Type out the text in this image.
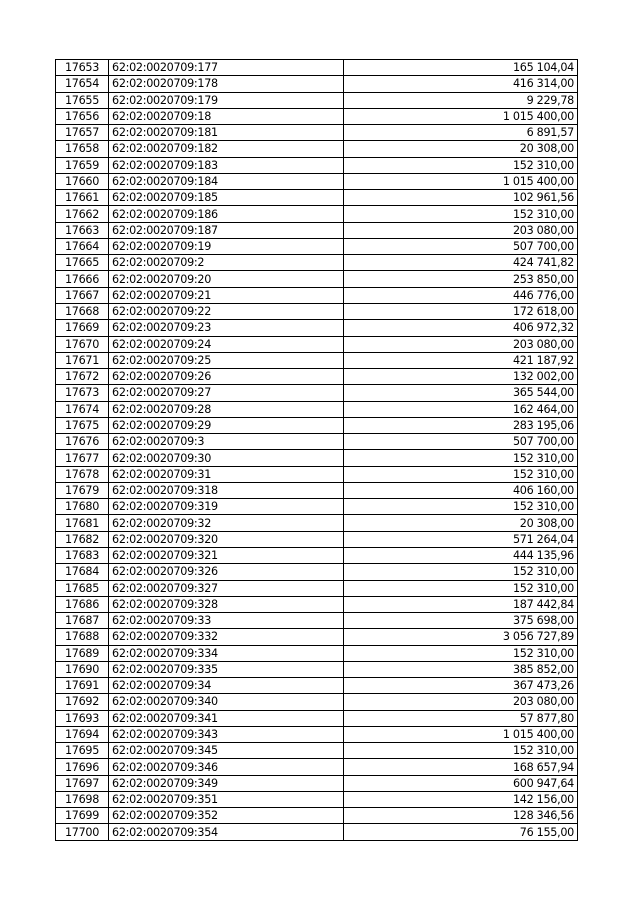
17653	62:02:0020709:177	165 104,04
17654	62:02:0020709:178	416 314,00
17655	62:02:0020709:179	9 229,78
17656	62:02:0020709:18	1 015 400,00
17657	62:02:0020709:181	6 891,57
17658	62:02:0020709:182	20 308,00
17659	62:02:0020709:183	152 310,00
17660	62:02:0020709:184	1 015 400,00
17661	62:02:0020709:185	102 961,56
17662	62:02:0020709:186	152 310,00
17663	62:02:0020709:187	203 080,00
17664	62:02:0020709:19	507 700,00
17665	62:02:0020709:2	424 741,82
17666	62:02:0020709:20	253 850,00
17667	62:02:0020709:21	446 776,00
17668	62:02:0020709:22	172 618,00
17669	62:02:0020709:23	406 972,32
17670	62:02:0020709:24	203 080,00
17671	62:02:0020709:25	421 187,92
17672	62:02:0020709:26	132 002,00
17673	62:02:0020709:27	365 544,00
17674	62:02:0020709:28	162 464,00
17675	62:02:0020709:29	283 195,06
17676	62:02:0020709:3	507 700,00
17677	62:02:0020709:30	152 310,00
17678	62:02:0020709:31	152 310,00
17679	62:02:0020709:318	406 160,00
17680	62:02:0020709:319	152 310,00
17681	62:02:0020709:32	20 308,00
17682	62:02:0020709:320	571 264,04
17683	62:02:0020709:321	444 135,96
17684	62:02:0020709:326	152 310,00
17685	62:02:0020709:327	152 310,00
17686	62:02:0020709:328	187 442,84
17687	62:02:0020709:33	375 698,00
17688	62:02:0020709:332	3 056 727,89
17689	62:02:0020709:334	152 310,00
17690	62:02:0020709:335	385 852,00
17691	62:02:0020709:34	367 473,26
17692	62:02:0020709:340	203 080,00
17693	62:02:0020709:341	57 877,80
17694	62:02:0020709:343	1 015 400,00
17695	62:02:0020709:345	152 310,00
17696	62:02:0020709:346	168 657,94
17697	62:02:0020709:349	600 947,64
17698	62:02:0020709:351	142 156,00
17699	62:02:0020709:352	128 346,56
17700	62:02:0020709:354	76 155,00
